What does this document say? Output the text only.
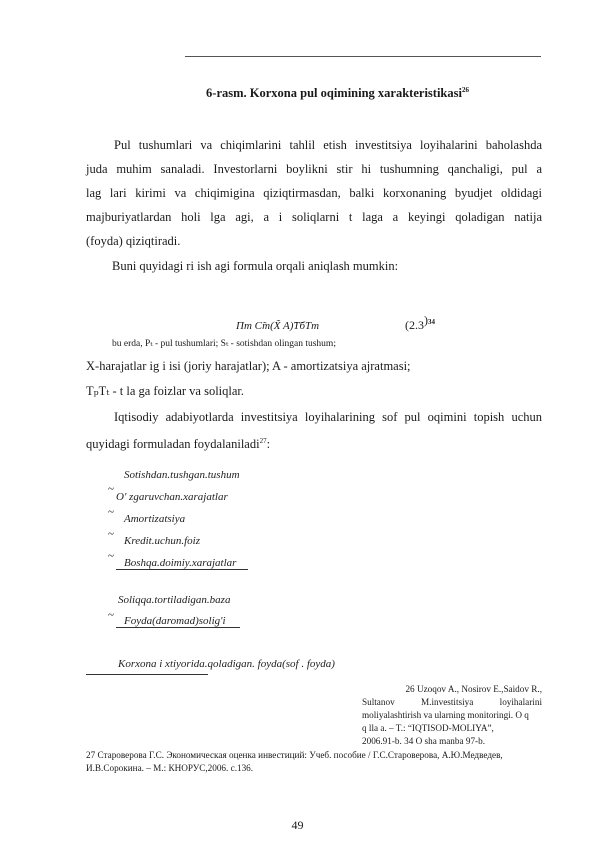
6-rasm. Korxona pul oqimining xarakteristikasi$^{26}$
Pul tushumlari va chiqimlarini tahlil etish investitsiya loyihalarini baholashda
juda muhim sanaladi. Investorlarni boylikni stir hi tushumning qanchaligi, pul a
lag lari kirimi va chiqimigina qiziqtirmasdan, balki korxonaning byudjet oldidagi
majburiyatlardan holi lga agi, a i soliqlarni t laga a keyingi qoladigan natija
(foyda) qiziqtiradi.
Buni quyidagi ri ish agi formula orqali aniqlash mumkin:
Пт С̃т(X̃ A)̃Т̃бТт	$(2.3)^{34}$
bu erda, Pₜ - pul tushumlari; Sₜ - sotishdan olingan tushum;
X-harajatlar ig i isi (joriy harajatlar); A - amortizatsiya ajratmasi;
TₚTₜ - t la ga foizlar va soliqlar.
Iqtisodiy adabiyotlarda investitsiya loyihalarining sof pul oqimini topish uchun
quyidagi formuladan foydalaniladi$^{27}$:
Sotishdan.tushgan.tushum
~
O' zgaruvchan.xarajatlar
~
Amortizatsiya
~
Kredit.uchun.foiz
~
Boshqa.doimiy.xarajatlar
Soliqqa.tortiladigan.baza
~ Foyda(daromad)solig'i
Korxona i xtiyorida.qoladigan. foyda(sof . foyda)
26 Uzoqov A., Nosirov E.,Saidov R.,
Sultanov M.investitsiya loyihalarini
moliyalashtirish va ularning monitoringi. O q
q lla a. – T.: “IQTISOD-MOLIYA”,
2006.91-b. 34 O sha manba 97-b.
27 Староверова Г.С. Экономическая оценка инвестиций: Учеб. пособие / Г.С.Староверова, А.Ю.Медведев,
И.В.Сорокина. – М.: КНОРУС,2006. с.136.
49
